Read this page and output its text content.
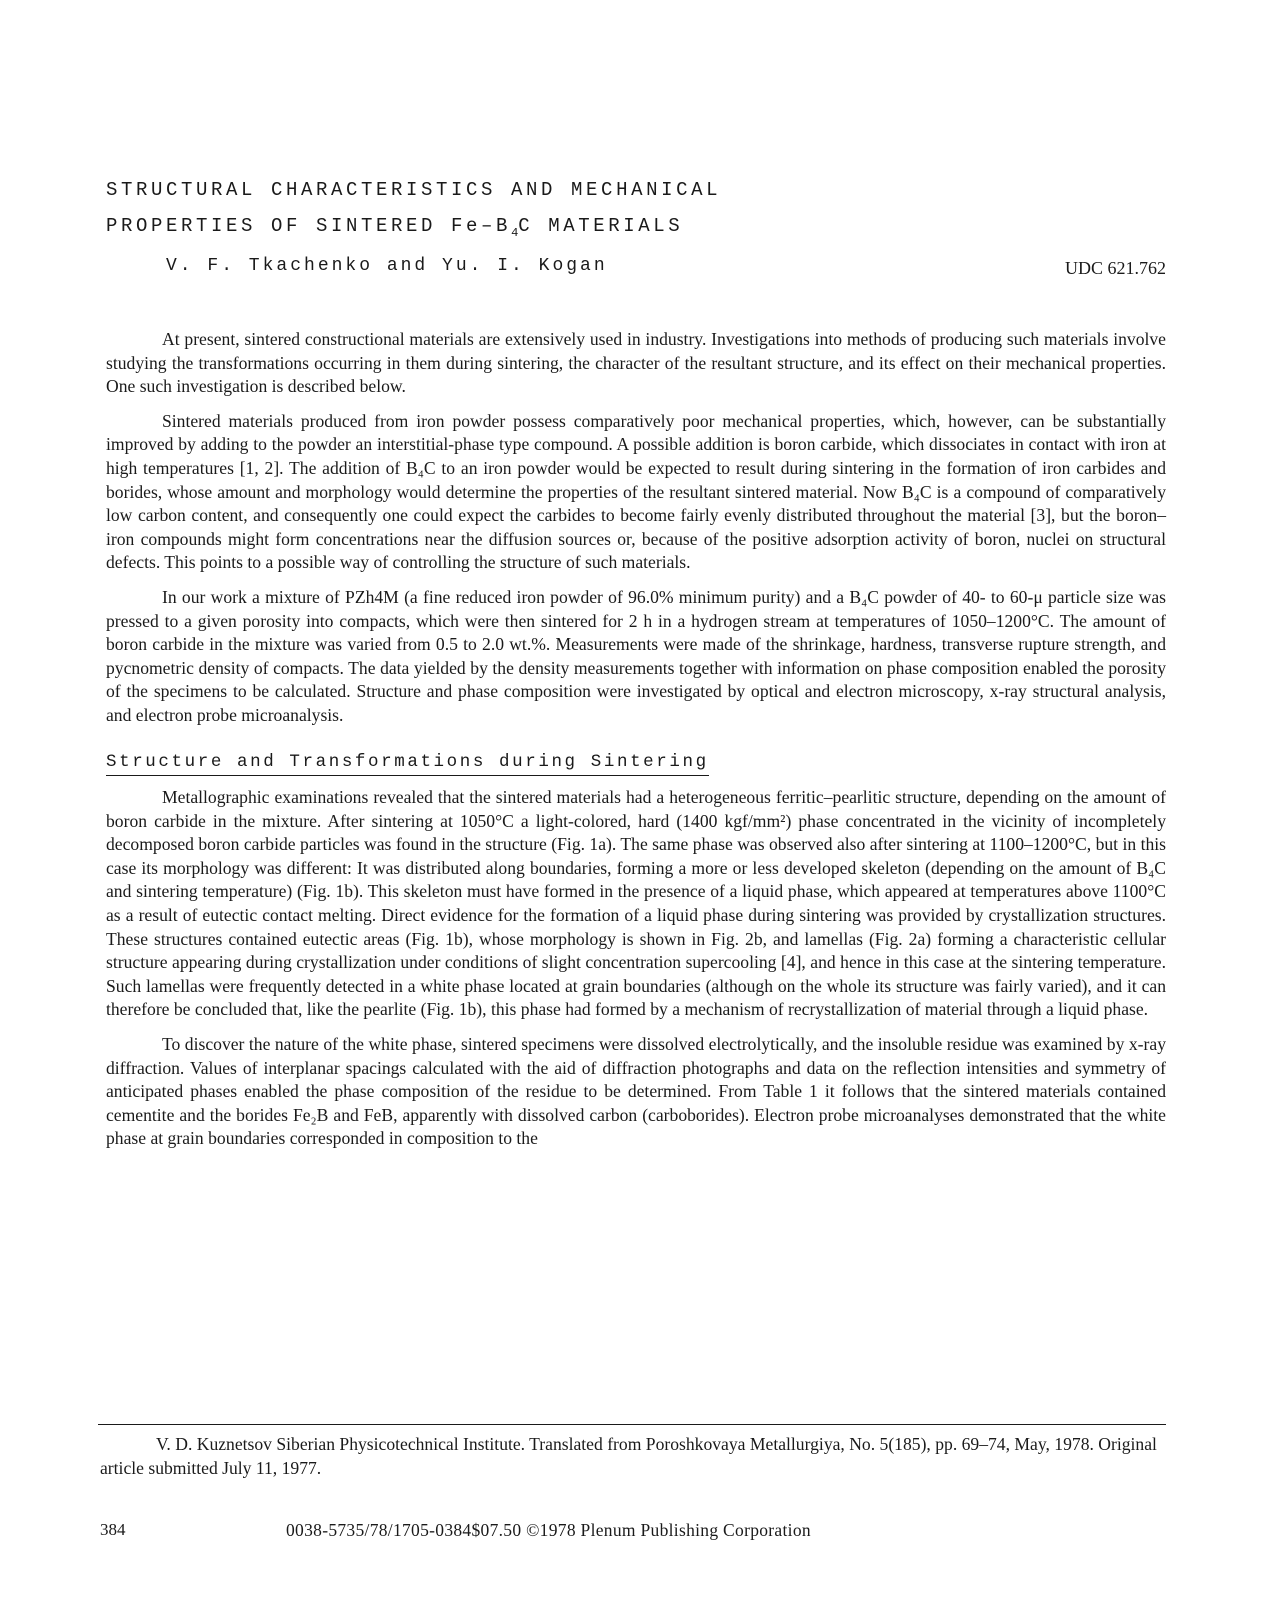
STRUCTURAL CHARACTERISTICS AND MECHANICAL
PROPERTIES OF SINTERED $Fe-B_4C$ MATERIALS
V. F. Tkachenko and Yu. I. Kogan	UDC 621.762

At present, sintered constructional materials are extensively used in industry. Investigations into methods of producing such materials involve studying the transformations occurring in them during sintering, the character of the resultant structure, and its effect on their mechanical properties. One such investigation is described below.

Sintered materials produced from iron powder possess comparatively poor mechanical properties, which, however, can be substantially improved by adding to the powder an interstitial-phase type compound. A possible addition is boron carbide, which dissociates in contact with iron at high temperatures [1, 2]. The addition of B₄C to an iron powder would be expected to result during sintering in the formation of iron carbides and borides, whose amount and morphology would determine the properties of the resultant sintered material. Now B₄C is a compound of comparatively low carbon content, and consequently one could expect the carbides to become fairly evenly distributed throughout the material [3], but the boron–iron compounds might form concentrations near the diffusion sources or, because of the positive adsorption activity of boron, nuclei on structural defects. This points to a possible way of controlling the structure of such materials.

In our work a mixture of PZh4M (a fine reduced iron powder of 96.0% minimum purity) and a B₄C powder of 40- to 60-μ particle size was pressed to a given porosity into compacts, which were then sintered for 2 h in a hydrogen stream at temperatures of 1050–1200°C. The amount of boron carbide in the mixture was varied from 0.5 to 2.0 wt.%. Measurements were made of the shrinkage, hardness, transverse rupture strength, and pycnometric density of compacts. The data yielded by the density measurements together with information on phase composition enabled the porosity of the specimens to be calculated. Structure and phase composition were investigated by optical and electron microscopy, x-ray structural analysis, and electron probe microanalysis.

Structure and Transformations during Sintering

Metallographic examinations revealed that the sintered materials had a heterogeneous ferritic–pearlitic structure, depending on the amount of boron carbide in the mixture. After sintering at 1050°C a light-colored, hard (1400 kgf/mm²) phase concentrated in the vicinity of incompletely decomposed boron carbide particles was found in the structure (Fig. 1a). The same phase was observed also after sintering at 1100–1200°C, but in this case its morphology was different: It was distributed along boundaries, forming a more or less developed skeleton (depending on the amount of B₄C and sintering temperature) (Fig. 1b). This skeleton must have formed in the presence of a liquid phase, which appeared at temperatures above 1100°C as a result of eutectic contact melting. Direct evidence for the formation of a liquid phase during sintering was provided by crystallization structures. These structures contained eutectic areas (Fig. 1b), whose morphology is shown in Fig. 2b, and lamellas (Fig. 2a) forming a characteristic cellular structure appearing during crystallization under conditions of slight concentration supercooling [4], and hence in this case at the sintering temperature. Such lamellas were frequently detected in a white phase located at grain boundaries (although on the whole its structure was fairly varied), and it can therefore be concluded that, like the pearlite (Fig. 1b), this phase had formed by a mechanism of recrystallization of material through a liquid phase.

To discover the nature of the white phase, sintered specimens were dissolved electrolytically, and the insoluble residue was examined by x-ray diffraction. Values of interplanar spacings calculated with the aid of diffraction photographs and data on the reflection intensities and symmetry of anticipated phases enabled the phase composition of the residue to be determined. From Table 1 it follows that the sintered materials contained cementite and the borides Fe₂B and FeB, apparently with dissolved carbon (carboborides). Electron probe microanalyses demonstrated that the white phase at grain boundaries corresponded in composition to the

V. D. Kuznetsov Siberian Physicotechnical Institute. Translated from Poroshkovaya Metallurgiya, No. 5(185), pp. 69–74, May, 1978. Original article submitted July 11, 1977.

384	0038-5735/78/1705-0384$07.50 ©1978 Plenum Publishing Corporation
